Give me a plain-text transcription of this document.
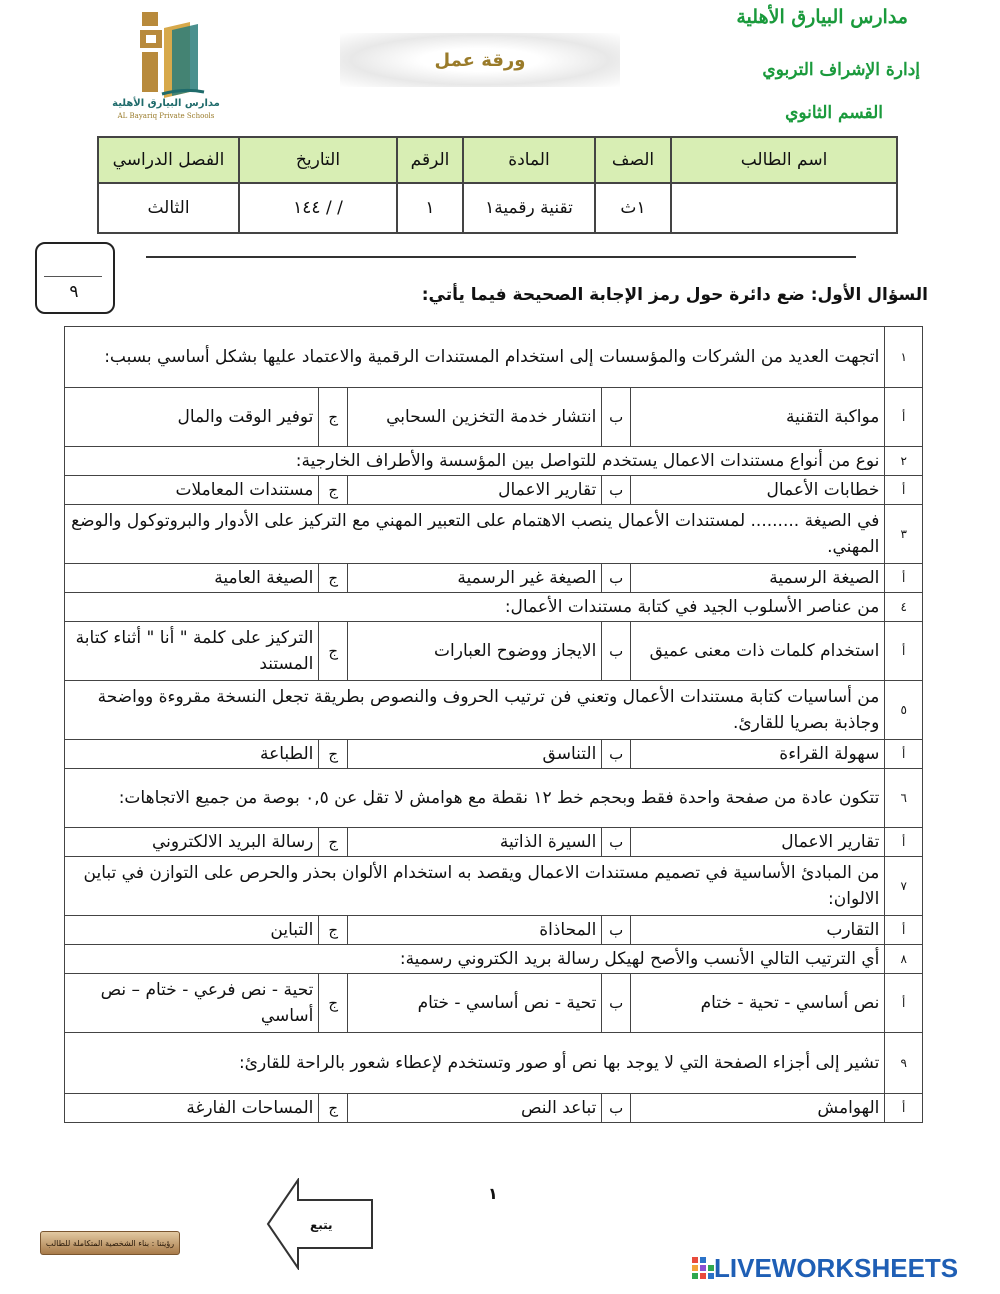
مدارس البيارق الأهلية
إدارة الإشراف التربوي
القسم الثانوي
ورقة عمل
مدارس البيارق الأهلية
AL Bayariq Private Schools
اسم الطالب	الصف	المادة	الرقم	التاريخ	الفصل الدراسي
	١ث	تقنية رقمية١	١	/ / ١٤٤	الثالث
٩	السؤال الأول: ضع دائرة حول رمز الإجابة الصحيحة فيما يأتي:
١	اتجهت العديد من الشركات والمؤسسات إلى استخدام المستندات الرقمية والاعتماد عليها بشكل أساسي بسبب:				
أ	مواكبة التقنية	ب	انتشار خدمة التخزين السحابي	ج	توفير الوقت والمال
٢	نوع من أنواع مستندات الاعمال يستخدم للتواصل بين المؤسسة والأطراف الخارجية:				
أ	خطابات الأعمال	ب	تقارير الاعمال	ج	مستندات المعاملات
٣	في الصيغة ......... لمستندات الأعمال ينصب الاهتمام على التعبير المهني مع التركيز على الأدوار والبروتوكول والوضع المهني.				
أ	الصيغة الرسمية	ب	الصيغة غير الرسمية	ج	الصيغة العامية
٤	من عناصر الأسلوب الجيد في كتابة مستندات الأعمال:				
أ	استخدام كلمات ذات معنى عميق	ب	الايجاز ووضوح العبارات	ج	التركيز على كلمة " أنا " أثناء كتابة المستند
٥	من أساسيات كتابة مستندات الأعمال وتعني فن ترتيب الحروف والنصوص بطريقة تجعل النسخة مقروءة وواضحة وجاذبة بصريا للقارئ.				
أ	سهولة القراءة	ب	التناسق	ج	الطباعة
٦	تتكون عادة من صفحة واحدة فقط وبحجم خط ١٢ نقطة مع هوامش لا تقل عن ٠,٥ بوصة من جميع الاتجاهات:				
أ	تقارير الاعمال	ب	السيرة الذاتية	ج	رسالة البريد الالكتروني
٧	من المبادئ الأساسية في تصميم مستندات الاعمال ويقصد به استخدام الألوان بحذر والحرص على التوازن في تباين الالوان:				
أ	التقارب	ب	المحاذاة	ج	التباين
٨	أي الترتيب التالي الأنسب والأصح لهيكل رسالة بريد الكتروني رسمية:				
أ	نص أساسي - تحية - ختام	ب	تحية - نص أساسي - ختام	ج	تحية - نص فرعي - ختام – نص أساسي
٩	تشير إلى أجزاء الصفحة التي لا يوجد بها نص أو صور وتستخدم لإعطاء شعور بالراحة للقارئ:				
أ	الهوامش	ب	تباعد النص	ج	المساحات الفارغة
١
يتبع
رؤيتنا : بناء الشخصية المتكاملة للطالب
LIVEWORKSHEETS
